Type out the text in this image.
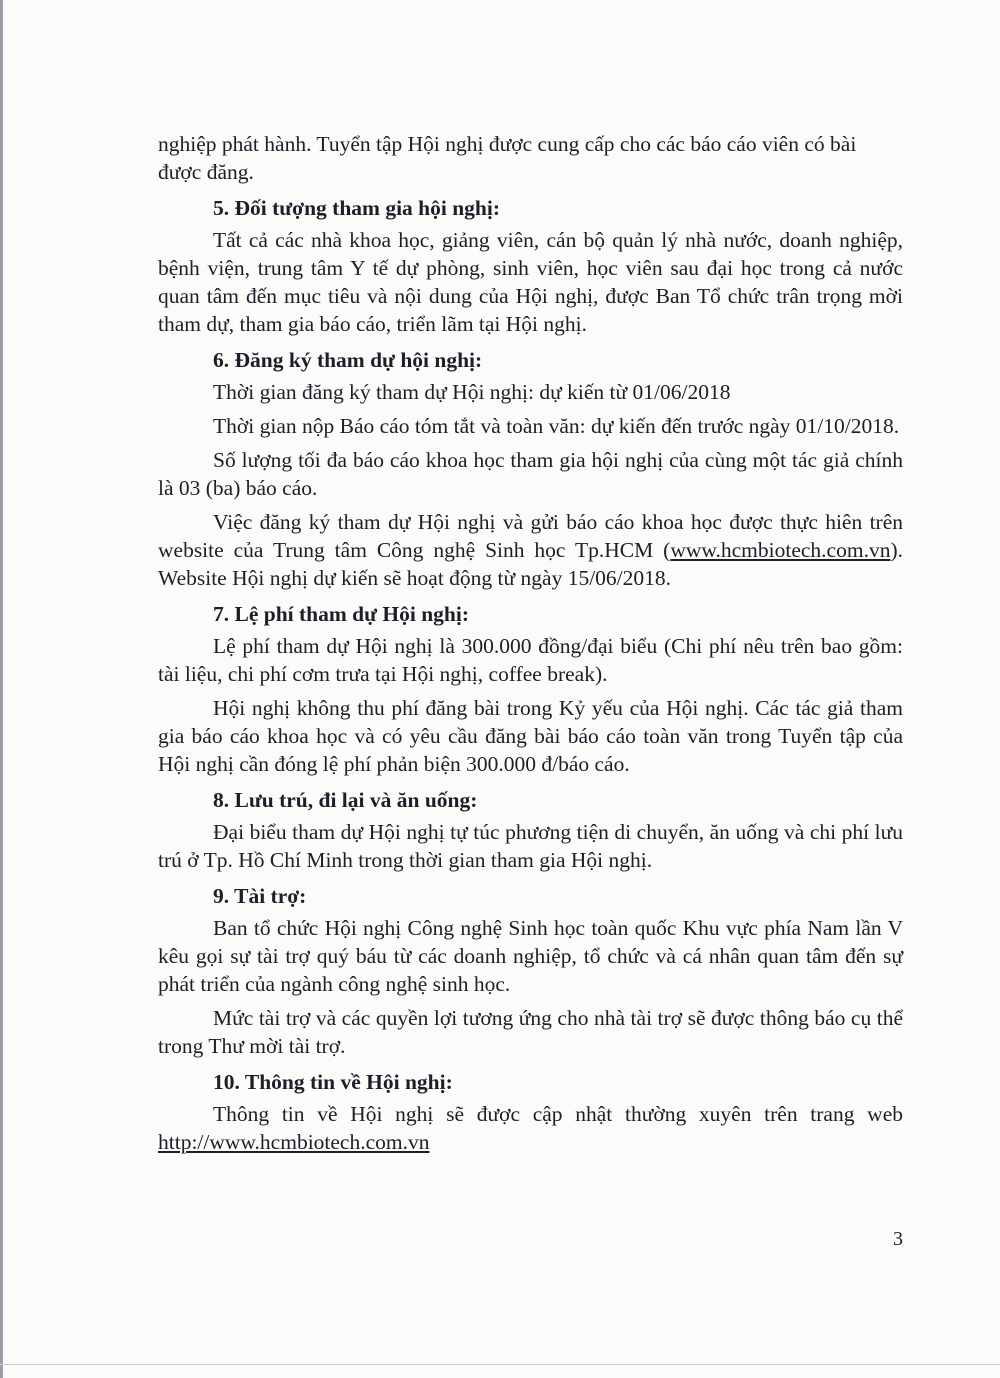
nghiệp phát hành. Tuyển tập Hội nghị được cung cấp cho các báo cáo viên có bài
được đăng.

5. Đối tượng tham gia hội nghị:

Tất cả các nhà khoa học, giảng viên, cán bộ quản lý nhà nước, doanh nghiệp, bệnh viện, trung tâm Y tế dự phòng, sinh viên, học viên sau đại học trong cả nước quan tâm đến mục tiêu và nội dung của Hội nghị, được Ban Tổ chức trân trọng mời tham dự, tham gia báo cáo, triển lãm tại Hội nghị.

6. Đăng ký tham dự hội nghị:

Thời gian đăng ký tham dự Hội nghị: dự kiến từ 01/06/2018

Thời gian nộp Báo cáo tóm tắt và toàn văn: dự kiến đến trước ngày 01/10/2018.

Số lượng tối đa báo cáo khoa học tham gia hội nghị của cùng một tác giả chính là 03 (ba) báo cáo.

Việc đăng ký tham dự Hội nghị và gửi báo cáo khoa học được thực hiên trên website của Trung tâm Công nghệ Sinh học Tp.HCM (www.hcmbiotech.com.vn). Website Hội nghị dự kiến sẽ hoạt động từ ngày 15/06/2018.

7. Lệ phí tham dự Hội nghị:

Lệ phí tham dự Hội nghị là 300.000 đồng/đại biểu (Chi phí nêu trên bao gồm: tài liệu, chi phí cơm trưa tại Hội nghị, coffee break).

Hội nghị không thu phí đăng bài trong Kỷ yếu của Hội nghị. Các tác giả tham gia báo cáo khoa học và có yêu cầu đăng bài báo cáo toàn văn trong Tuyển tập của Hội nghị cần đóng lệ phí phản biện 300.000 đ/báo cáo.

8. Lưu trú, đi lại và ăn uống:

Đại biểu tham dự Hội nghị tự túc phương tiện di chuyển, ăn uống và chi phí lưu trú ở Tp. Hồ Chí Minh trong thời gian tham gia Hội nghị.

9. Tài trợ:

Ban tổ chức Hội nghị Công nghệ Sinh học toàn quốc Khu vực phía Nam lần V kêu gọi sự tài trợ quý báu từ các doanh nghiệp, tổ chức và cá nhân quan tâm đến sự phát triển của ngành công nghệ sinh học.

Mức tài trợ và các quyền lợi tương ứng cho nhà tài trợ sẽ được thông báo cụ thể trong Thư mời tài trợ.

10. Thông tin về Hội nghị:

Thông tin về Hội nghị sẽ được cập nhật thường xuyên trên trang web

http://www.hcmbiotech.com.vn

3
